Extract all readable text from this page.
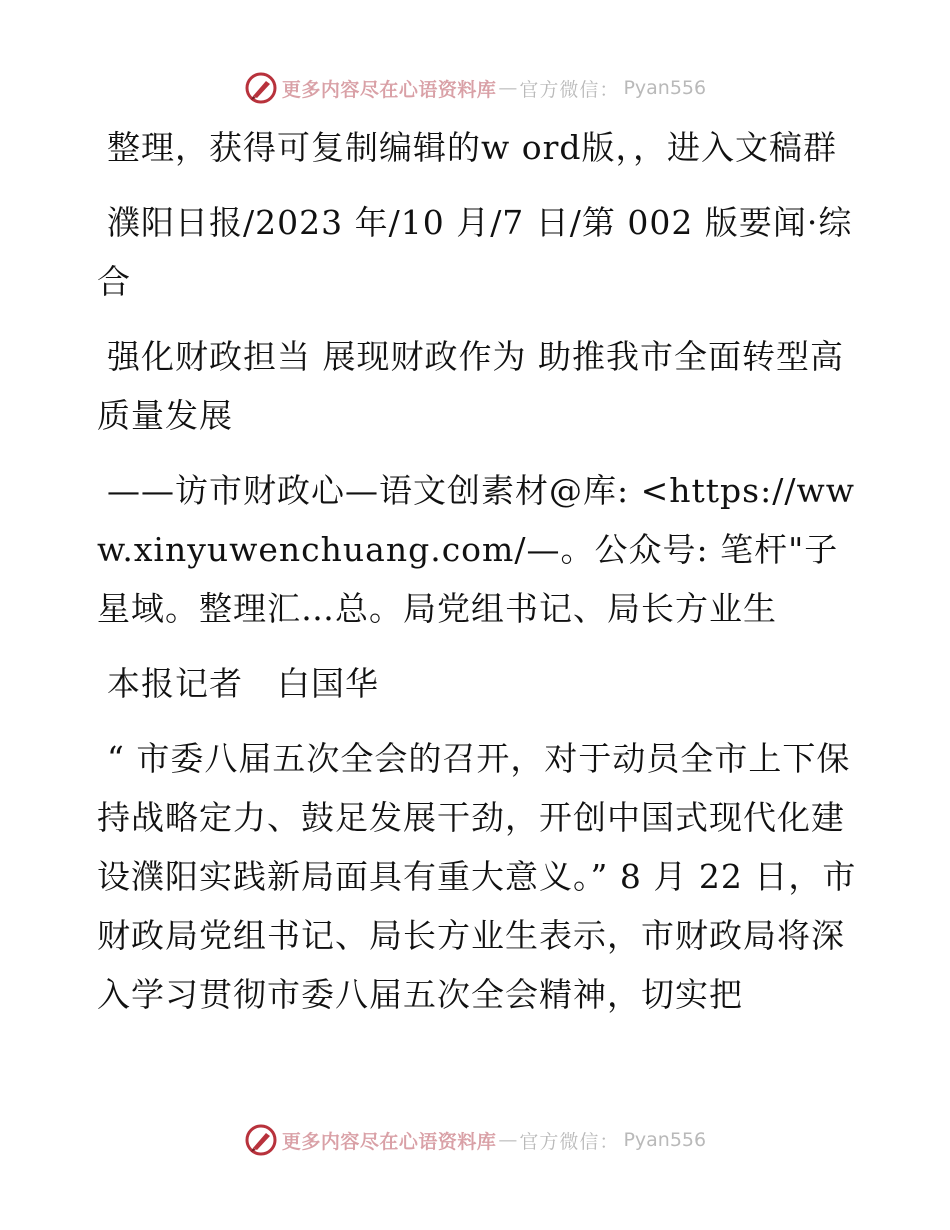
更多内容尽在心语资料库 — 官方微信： Pyan556

整理，获得可复制编辑的w ord版，，进入文稿群

濮阳日报/2023 年/10 月/7 日/第 002 版要闻·综合

强化财政担当 展现财政作为 助推我市全面转型高质量发展

——访市财政心—语文创素材@库: <https://www.xinyuwenchuang.com/—。公众号: 笔杆"子星域。整理汇…总。局党组书记、局长方业生

本报记者　白国华

“ 市委八届五次全会的召开，对于动员全市上下保持战略定力、鼓足发展干劲，开创中国式现代化建设濮阳实践新局面具有重大意义。” 8 月 22 日，市财政局党组书记、局长方业生表示，市财政局将深入学习贯彻市委八届五次全会精神，切实把

更多内容尽在心语资料库 — 官方微信： Pyan556
